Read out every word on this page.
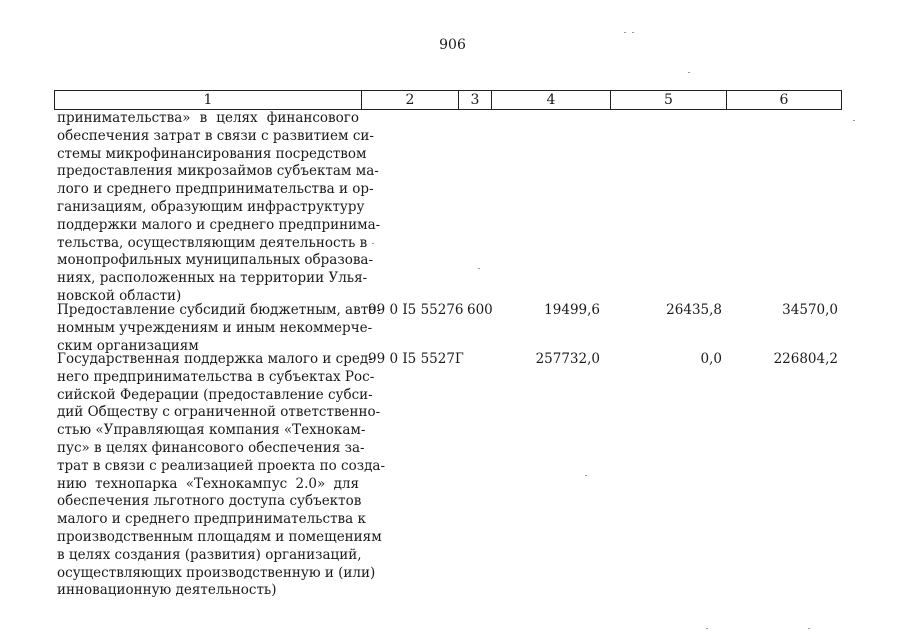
906
1	2	3	4	5	6
принимательства» в целях финансового
обеспечения затрат в связи с развитием си-
стемы микрофинансирования посредством
предоставления микрозаймов субъектам ма-
лого и среднего предпринимательства и ор-
ганизациям, образующим инфраструктуру
поддержки малого и среднего предпринима-
тельства, осуществляющим деятельность в
монопрофильных муниципальных образова-
ниях, расположенных на территории Улья-
новской области)
Предоставление субсидий бюджетным, авто-
номным учреждениям и иным некоммерче-
ским организациям
99 0 I5 55276 600	19499,6	26435,8	34570,0
Государственная поддержка малого и сред-
него предпринимательства в субъектах Рос-
сийской Федерации (предоставление субси-
дий Обществу с ограниченной ответственно-
стью «Управляющая компания «Технокам-
пус» в целях финансового обеспечения за-
трат в связи с реализацией проекта по созда-
нию технопарка «Технокампус 2.0» для
обеспечения льготного доступа субъектов
малого и среднего предпринимательства к
производственным площадям и помещениям
в целях создания (развития) организаций,
осуществляющих производственную и (или)
инновационную деятельность)
99 0 I5 5527Г	257732,0	0,0	226804,2
